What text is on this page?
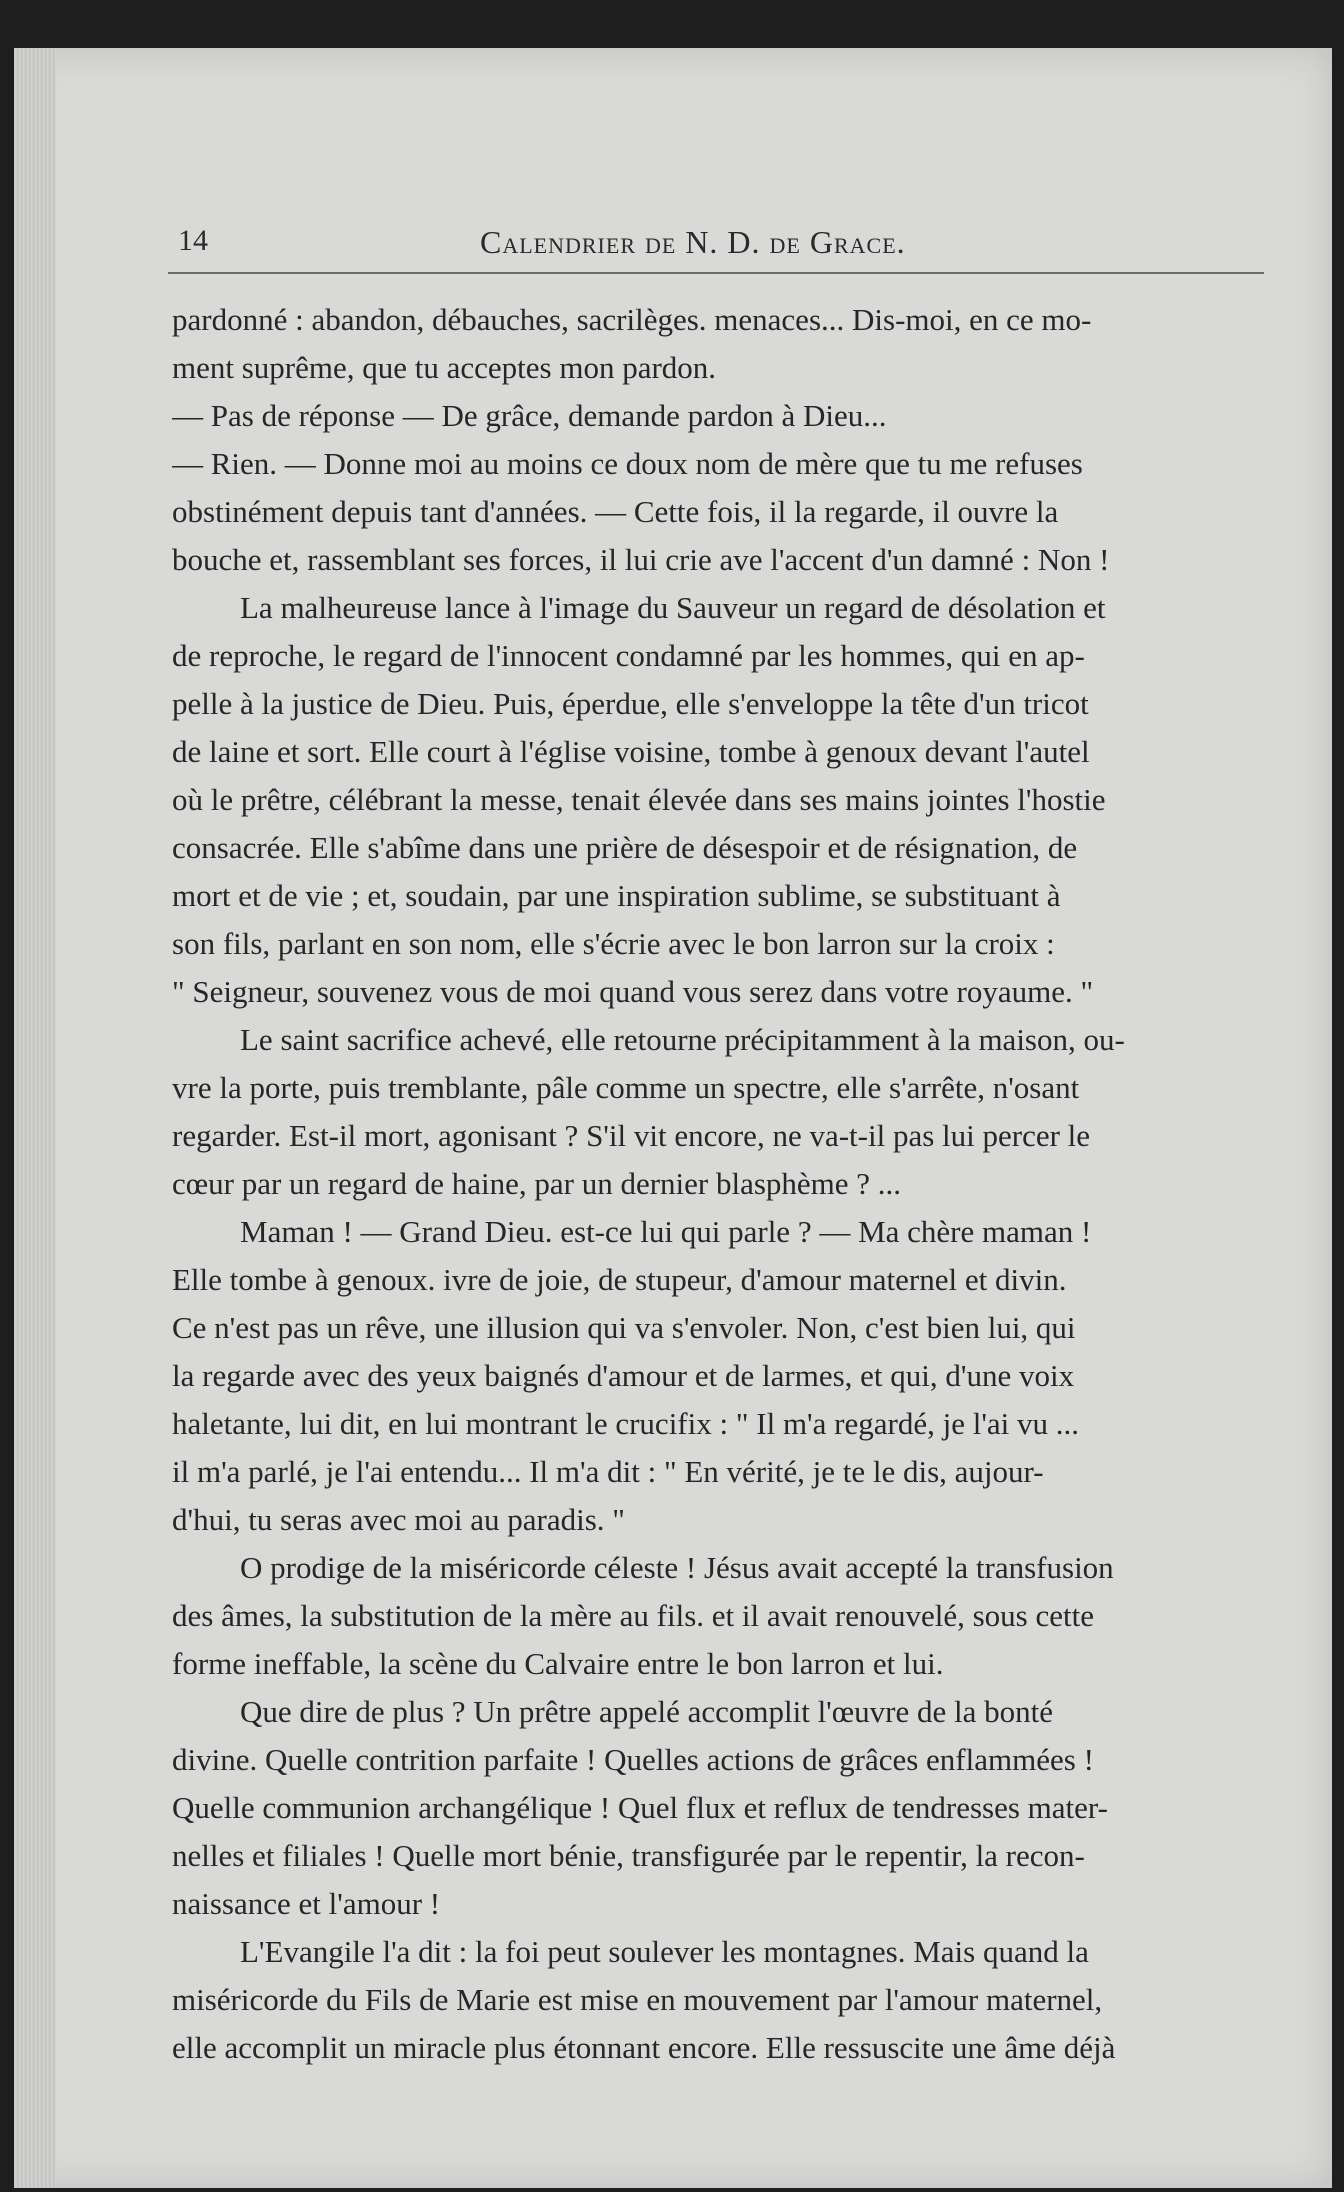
14	Calendrier de N. D. de Grace.
pardonné : abandon, débauches, sacrilèges. menaces... Dis-moi, en ce mo-
ment suprême, que tu acceptes mon pardon.
— Pas de réponse — De grâce, demande pardon à Dieu...
— Rien. — Donne moi au moins ce doux nom de mère que tu me refuses
obstinément depuis tant d'années. — Cette fois, il la regarde, il ouvre la
bouche et, rassemblant ses forces, il lui crie ave l'accent d'un damné : Non !
La malheureuse lance à l'image du Sauveur un regard de désolation et
de reproche, le regard de l'innocent condamné par les hommes, qui en ap-
pelle à la justice de Dieu. Puis, éperdue, elle s'enveloppe la tête d'un tricot
de laine et sort. Elle court à l'église voisine, tombe à genoux devant l'autel
où le prêtre, célébrant la messe, tenait élevée dans ses mains jointes l'hostie
consacrée. Elle s'abîme dans une prière de désespoir et de résignation, de
mort et de vie ; et, soudain, par une inspiration sublime, se substituant à
son fils, parlant en son nom, elle s'écrie avec le bon larron sur la croix :
" Seigneur, souvenez vous de moi quand vous serez dans votre royaume. "
Le saint sacrifice achevé, elle retourne précipitamment à la maison, ou-
vre la porte, puis tremblante, pâle comme un spectre, elle s'arrête, n'osant
regarder. Est-il mort, agonisant ? S'il vit encore, ne va-t-il pas lui percer le
cœur par un regard de haine, par un dernier blasphème ? ...
Maman ! — Grand Dieu. est-ce lui qui parle ? — Ma chère maman !
Elle tombe à genoux. ivre de joie, de stupeur, d'amour maternel et divin.
Ce n'est pas un rêve, une illusion qui va s'envoler. Non, c'est bien lui, qui
la regarde avec des yeux baignés d'amour et de larmes, et qui, d'une voix
haletante, lui dit, en lui montrant le crucifix : " Il m'a regardé, je l'ai vu ...
il m'a parlé, je l'ai entendu... Il m'a dit : " En vérité, je te le dis, aujour-
d'hui, tu seras avec moi au paradis. "
O prodige de la miséricorde céleste ! Jésus avait accepté la transfusion
des âmes, la substitution de la mère au fils. et il avait renouvelé, sous cette
forme ineffable, la scène du Calvaire entre le bon larron et lui.
Que dire de plus ? Un prêtre appelé accomplit l'œuvre de la bonté
divine. Quelle contrition parfaite ! Quelles actions de grâces enflammées !
Quelle communion archangélique ! Quel flux et reflux de tendresses mater-
nelles et filiales ! Quelle mort bénie, transfigurée par le repentir, la recon-
naissance et l'amour !
L'Evangile l'a dit : la foi peut soulever les montagnes. Mais quand la
miséricorde du Fils de Marie est mise en mouvement par l'amour maternel,
elle accomplit un miracle plus étonnant encore. Elle ressuscite une âme déjà
